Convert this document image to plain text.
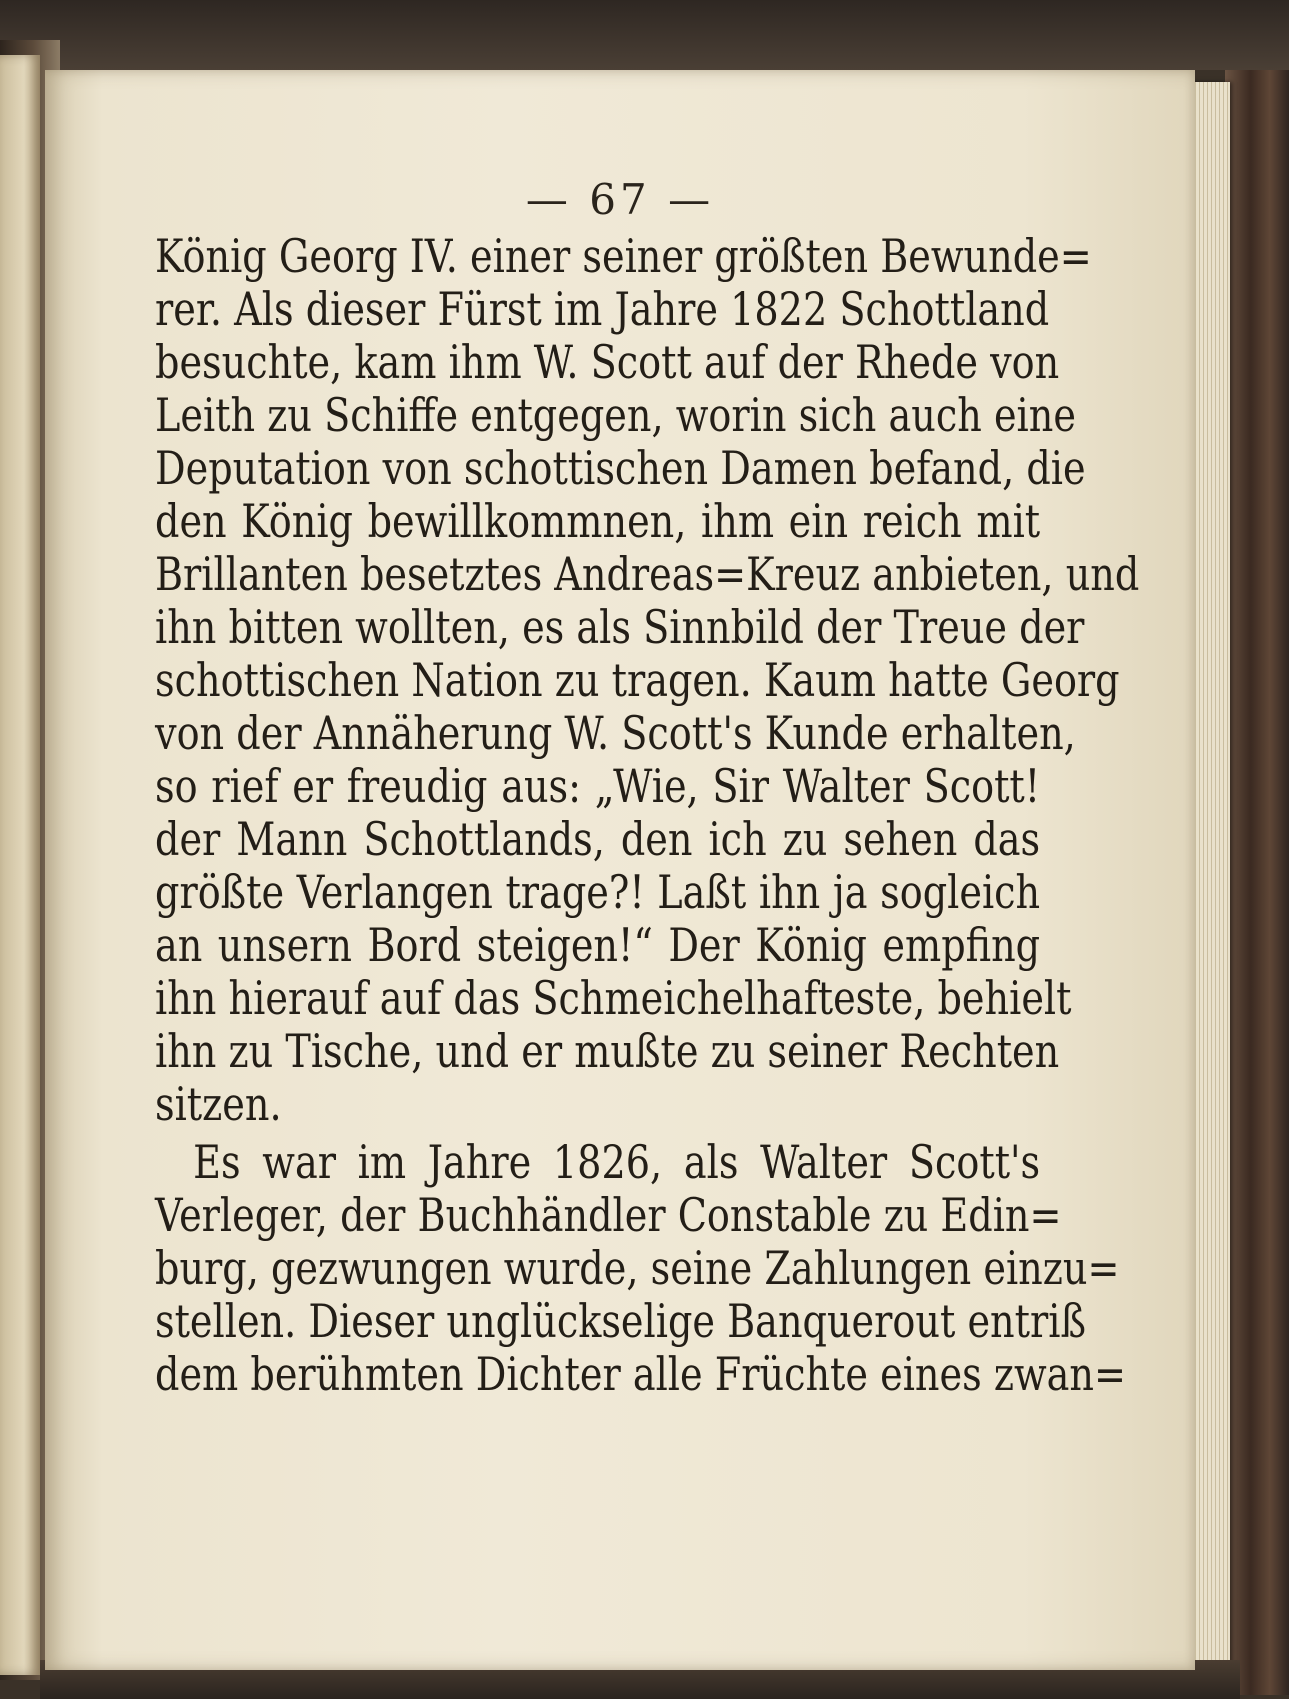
— 67 —
König Georg IV. einer seiner größten Bewunde=
rer. Als dieser Fürst im Jahre 1822 Schottland
besuchte, kam ihm W. Scott auf der Rhede von
Leith zu Schiffe entgegen, worin sich auch eine
Deputation von schottischen Damen befand, die
den König bewillkommnen, ihm ein reich mit
Brillanten besetztes Andreas=Kreuz anbieten, und
ihn bitten wollten, es als Sinnbild der Treue der
schottischen Nation zu tragen. Kaum hatte Georg
von der Annäherung W. Scott's Kunde erhalten,
so rief er freudig aus: „Wie, Sir Walter Scott!
der Mann Schottlands, den ich zu sehen das
größte Verlangen trage?! Laßt ihn ja sogleich
an unsern Bord steigen!“ Der König empfing
ihn hierauf auf das Schmeichelhafteste, behielt
ihn zu Tische, und er mußte zu seiner Rechten
sitzen.
Es war im Jahre 1826, als Walter Scott's
Verleger, der Buchhändler Constable zu Edin=
burg, gezwungen wurde, seine Zahlungen einzu=
stellen. Dieser unglückselige Banquerout entriß
dem berühmten Dichter alle Früchte eines zwan=
